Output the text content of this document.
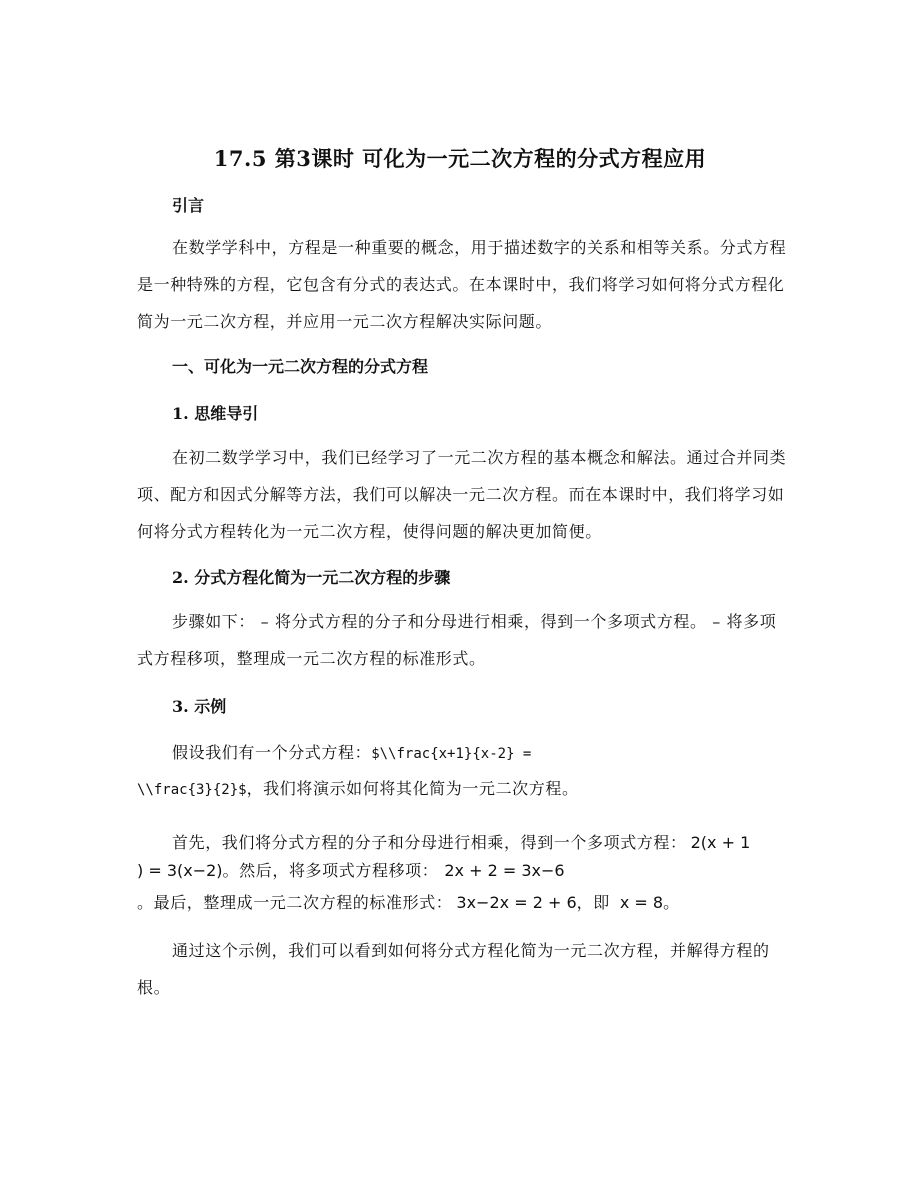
17.5 第3课时 可化为一元二次方程的分式方程应用
引言

在数学学科中，方程是一种重要的概念，用于描述数字的关系和相等关系。分式方程是一种特殊的方程，它包含有分式的表达式。在本课时中，我们将学习如何将分式方程化简为一元二次方程，并应用一元二次方程解决实际问题。

一、可化为一元二次方程的分式方程
1. 思维导引

在初二数学学习中，我们已经学习了一元二次方程的基本概念和解法。通过合并同类项、配方和因式分解等方法，我们可以解决一元二次方程。而在本课时中，我们将学习如何将分式方程转化为一元二次方程，使得问题的解决更加简便。

2. 分式方程化简为一元二次方程的步骤

步骤如下： – 将分式方程的分子和分母进行相乘，得到一个多项式方程。 – 将多项式方程移项，整理成一元二次方程的标准形式。

3. 示例
假设我们有一个分式方程：$\\frac{x+1}{x-2} =
\\frac{3}{2}$，我们将演示如何将其化简为一元二次方程。
首先，我们将分式方程的分子和分母进行相乘，得到一个多项式方程： 2(x + 1
) = 3(x−2)。然后，将多项式方程移项： 2x + 2 = 3x−6
。最后，整理成一元二次方程的标准形式： 3x−2x = 2 + 6，即 x = 8。

通过这个示例，我们可以看到如何将分式方程化简为一元二次方程，并解得方程的根。
